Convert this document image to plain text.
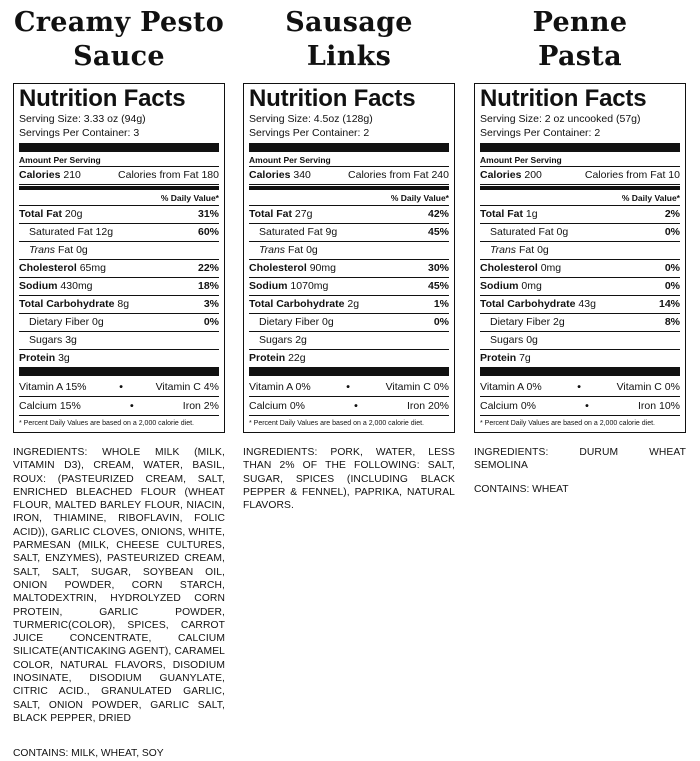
Creamy Pesto
Sauce
Nutrition Facts
Serving Size: 3.33 oz (94g)
Servings Per Container: 3
Amount Per Serving
Calories 210	Calories from Fat 180
% Daily Value*
Total Fat 20g	31%
Saturated Fat 12g	60%
Trans Fat 0g
Cholesterol 65mg	22%
Sodium 430mg	18%
Total Carbohydrate 8g	3%
Dietary Fiber 0g	0%
Sugars 3g
Protein 3g
Vitamin A 15%	•	Vitamin C 4%
Calcium 15%	•	Iron 2%
* Percent Daily Values are based on a 2,000 calorie diet.
INGREDIENTS: WHOLE MILK (MILK, VITAMIN D3), CREAM, WATER, BASIL, ROUX: (PASTEURIZED CREAM, SALT, ENRICHED BLEACHED FLOUR (WHEAT FLOUR, MALTED BARLEY FLOUR, NIACIN, IRON, THIAMINE, RIBOFLAVIN, FOLIC ACID)), GARLIC CLOVES, ONIONS, WHITE, PARMESAN (MILK, CHEESE CULTURES, SALT, ENZYMES), PASTEURIZED CREAM, SALT, SALT, SUGAR, SOYBEAN OIL, ONION POWDER, CORN STARCH, MALTODEXTRIN, HYDROLYZED CORN PROTEIN, GARLIC POWDER, TURMERIC(COLOR), SPICES, CARROT JUICE CONCENTRATE, CALCIUM SILICATE(ANTICAKING AGENT), CARAMEL COLOR, NATURAL FLAVORS, DISODIUM INOSINATE, DISODIUM GUANYLATE, CITRIC ACID., GRANULATED GARLIC, SALT, ONION POWDER, GARLIC SALT, BLACK PEPPER, DRIED
CONTAINS: MILK, WHEAT, SOY
Sausage
Links
Nutrition Facts
Serving Size: 4.5oz (128g)
Servings Per Container: 2
Amount Per Serving
Calories 340	Calories from Fat 240
% Daily Value*
Total Fat 27g	42%
Saturated Fat 9g	45%
Trans Fat 0g
Cholesterol 90mg	30%
Sodium 1070mg	45%
Total Carbohydrate 2g	1%
Dietary Fiber 0g	0%
Sugars 2g
Protein 22g
Vitamin A 0%	•	Vitamin C 0%
Calcium 0%	•	Iron 20%
* Percent Daily Values are based on a 2,000 calorie diet.
INGREDIENTS: PORK, WATER, LESS THAN 2% OF THE FOLLOWING: SALT, SUGAR, SPICES (INCLUDING BLACK PEPPER & FENNEL), PAPRIKA, NATURAL FLAVORS.
Penne
Pasta
Nutrition Facts
Serving Size: 2 oz uncooked (57g)
Servings Per Container: 2
Amount Per Serving
Calories 200	Calories from Fat 10
% Daily Value*
Total Fat 1g	2%
Saturated Fat 0g	0%
Trans Fat 0g
Cholesterol 0mg	0%
Sodium 0mg	0%
Total Carbohydrate 43g	14%
Dietary Fiber 2g	8%
Sugars 0g
Protein 7g
Vitamin A 0%	•	Vitamin C 0%
Calcium 0%	•	Iron 10%
* Percent Daily Values are based on a 2,000 calorie diet.
INGREDIENTS: DURUM WHEAT SEMOLINA
CONTAINS: WHEAT
